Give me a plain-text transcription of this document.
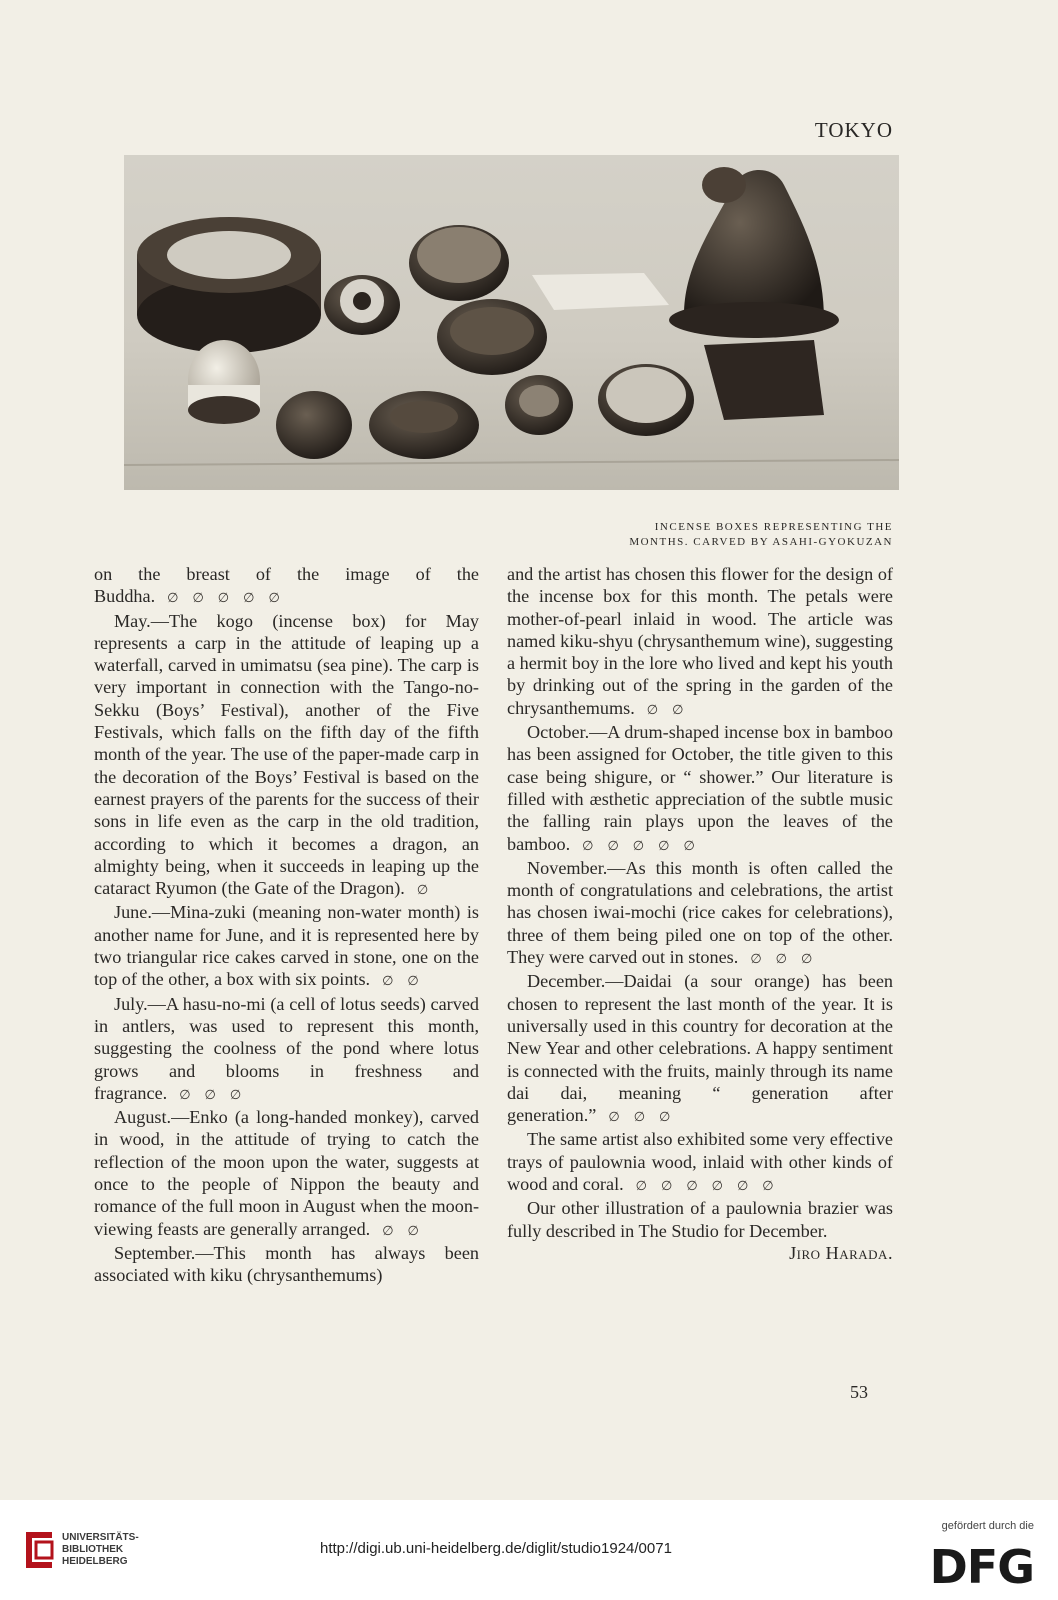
TOKYO
INCENSE BOXES REPRESENTING THE
MONTHS. CARVED BY ASAHI-GYOKUZAN

on the breast of the image of the Buddha. ∅∅∅∅∅

May.—The kogo (incense box) for May represents a carp in the attitude of leaping up a waterfall, carved in umimatsu (sea pine). The carp is very important in connection with the Tango-no-Sekku (Boys’ Festival), another of the Five Festivals, which falls on the fifth day of the fifth month of the year. The use of the paper-made carp in the decoration of the Boys’ Festival is based on the earnest prayers of the parents for the success of their sons in life even as the carp in the old tradition, according to which it becomes a dragon, an almighty being, when it succeeds in leaping up the cataract Ryumon (the Gate of the Dragon). ∅

June.—Mina-zuki (meaning non-water month) is another name for June, and it is represented here by two triangular rice cakes carved in stone, one on the top of the other, a box with six points. ∅∅

July.—A hasu-no-mi (a cell of lotus seeds) carved in antlers, was used to represent this month, suggesting the coolness of the pond where lotus grows and blooms in freshness and fragrance. ∅∅∅

August.—Enko (a long-handed monkey), carved in wood, in the attitude of trying to catch the reflection of the moon upon the water, suggests at once to the people of Nippon the beauty and romance of the full moon in August when the moon-viewing feasts are generally arranged. ∅∅

September.—This month has always been associated with kiku (chrysanthemums)

and the artist has chosen this flower for the design of the incense box for this month. The petals were mother-of-pearl inlaid in wood. The article was named kiku-shyu (chrysanthemum wine), suggesting a hermit boy in the lore who lived and kept his youth by drinking out of the spring in the garden of the chrysanthemums. ∅∅

October.—A drum-shaped incense box in bamboo has been assigned for October, the title given to this case being shigure, or “ shower.” Our literature is filled with æsthetic appreciation of the subtle music the falling rain plays upon the leaves of the bamboo. ∅∅∅∅∅

November.—As this month is often called the month of congratulations and celebrations, the artist has chosen iwai-mochi (rice cakes for celebrations), three of them being piled one on top of the other. They were carved out in stones. ∅∅∅

December.—Daidai (a sour orange) has been chosen to represent the last month of the year. It is universally used in this country for decoration at the New Year and other celebrations. A happy sentiment is connected with the fruits, mainly through its name dai dai, meaning “ generation after generation.” ∅∅∅

The same artist also exhibited some very effective trays of paulownia wood, inlaid with other kinds of wood and coral. ∅∅∅∅∅∅

Our other illustration of a paulownia brazier was fully described in The Studio for December.
Jiro Harada.

53
UNIVERSITÄTS-
BIBLIOTHEK
HEIDELBERG
http://digi.ub.uni-heidelberg.de/diglit/studio1924/0071
gefördert durch die
DFG
